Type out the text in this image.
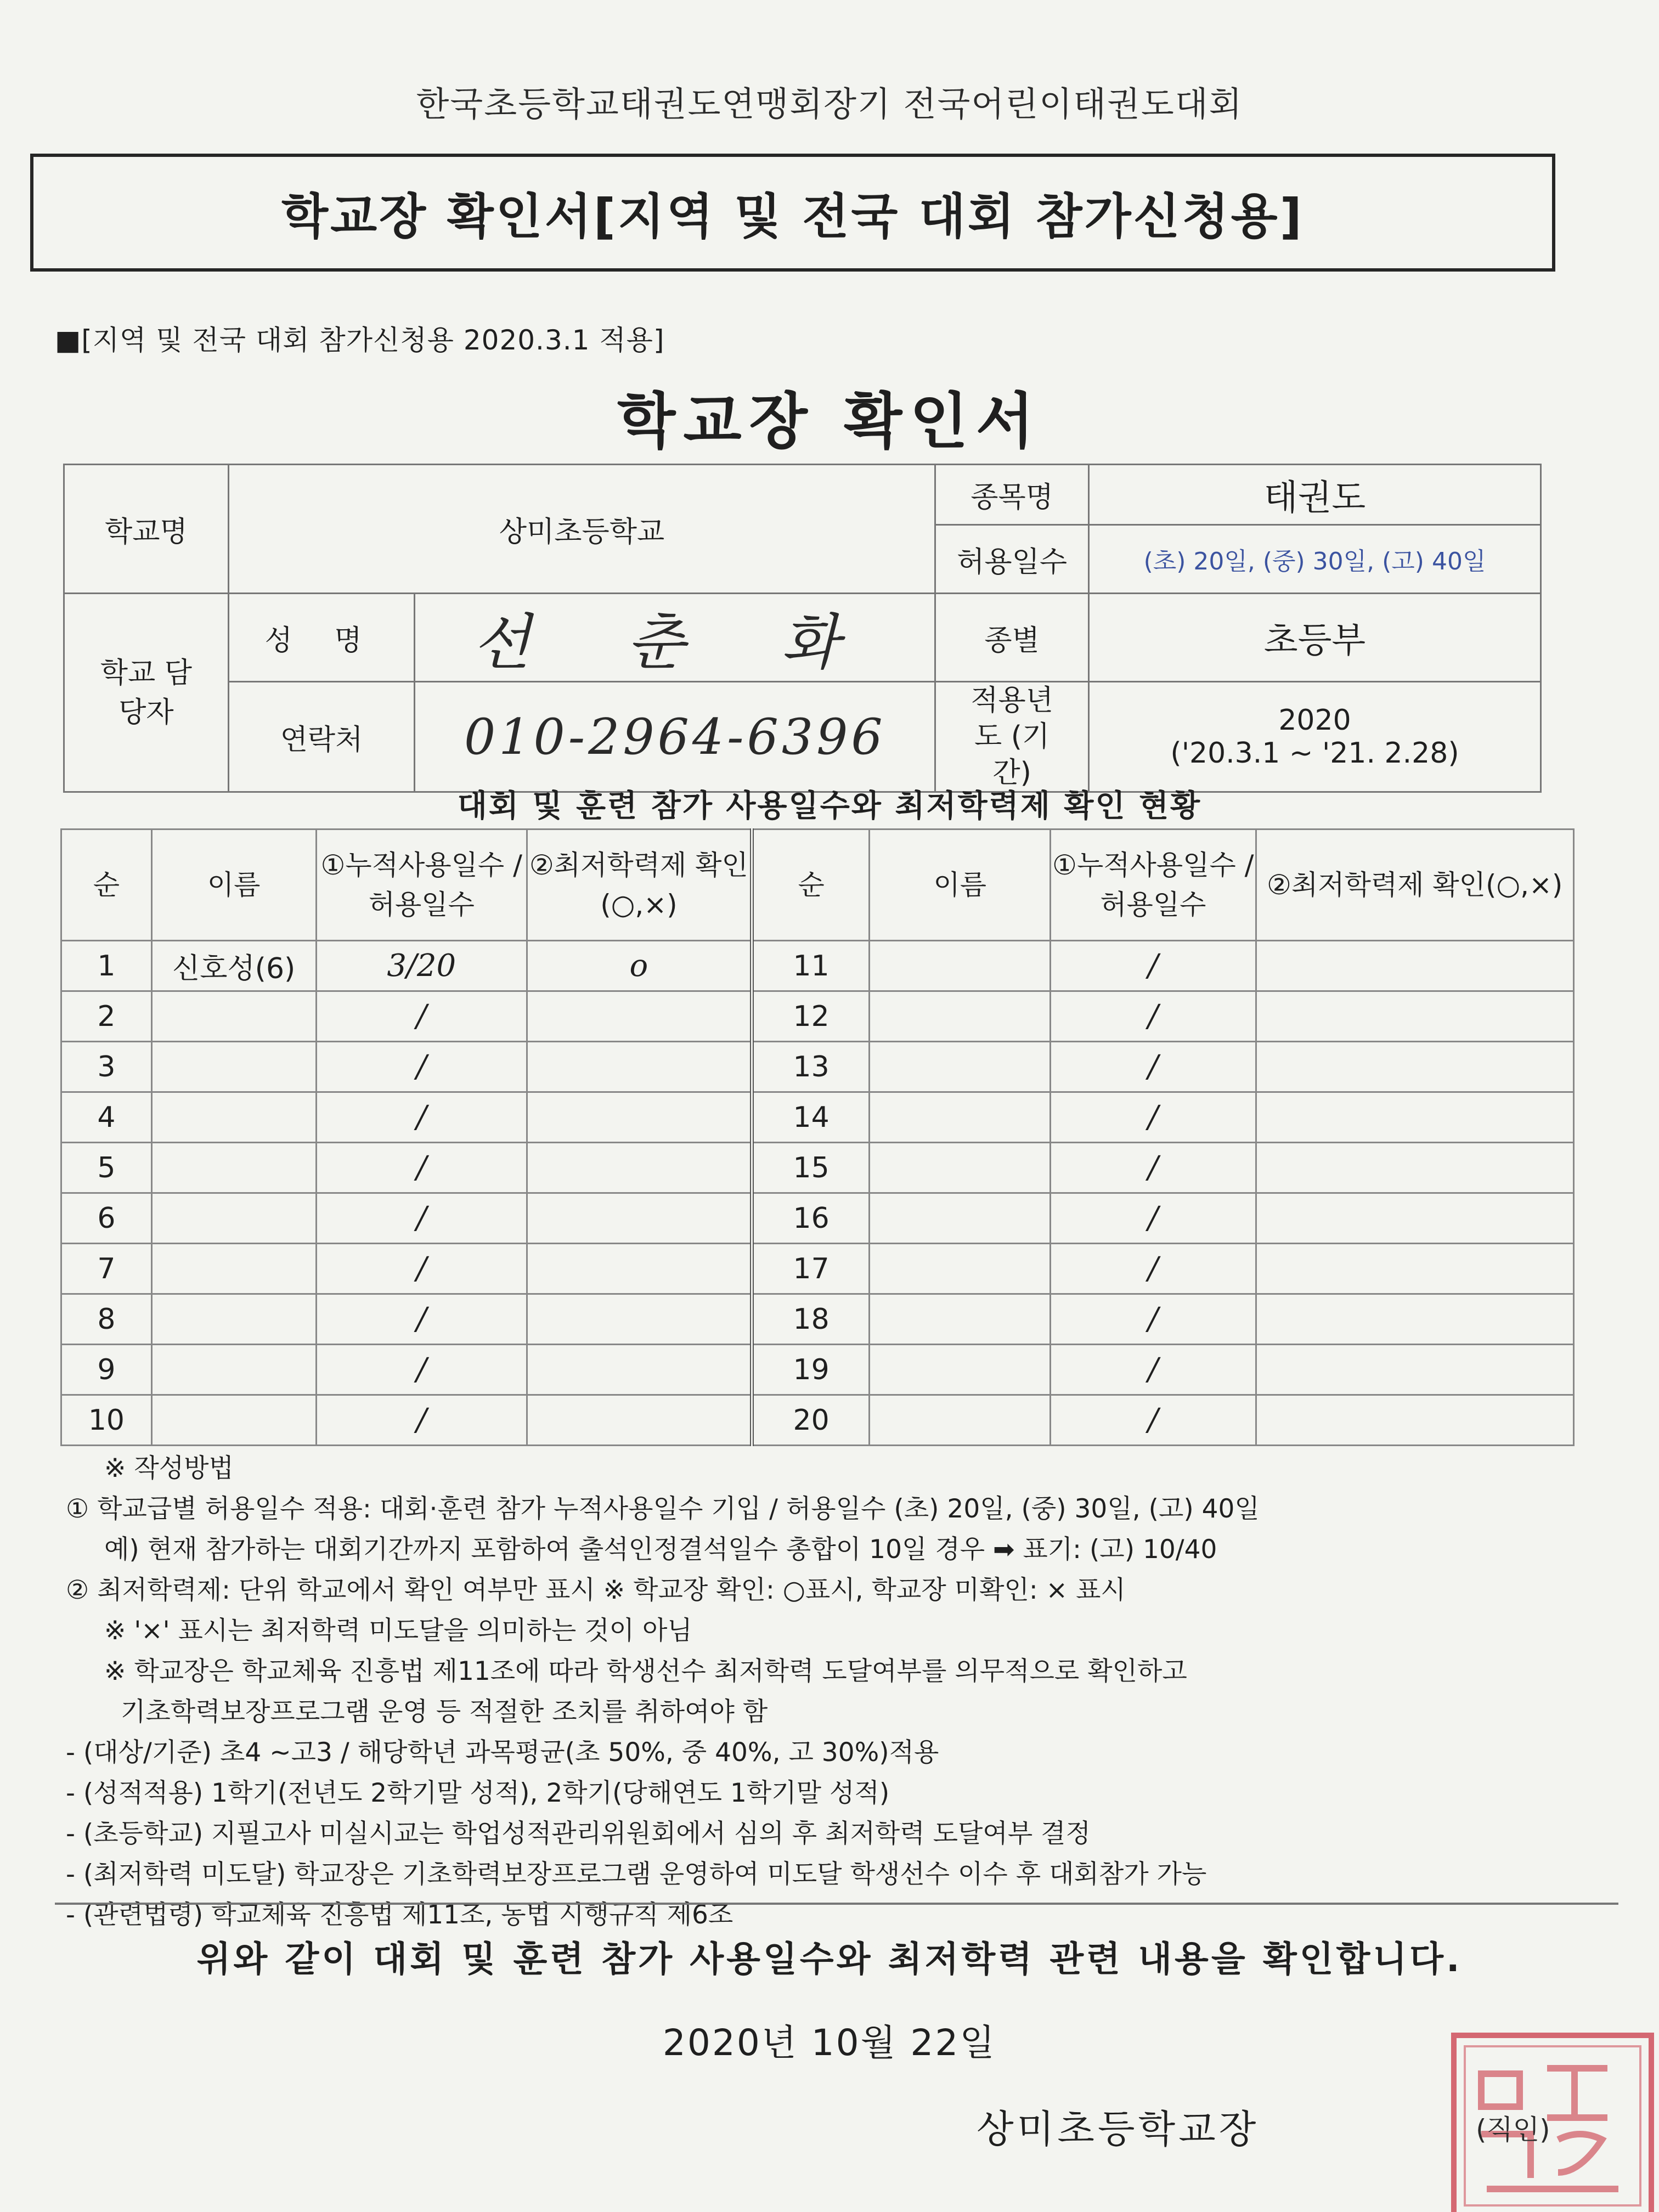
한국초등학교태권도연맹회장기 전국어린이태권도대회
학교장 확인서[지역 및 전국 대회 참가신청용]
■[지역 및 전국 대회 참가신청용 2020.3.1 적용]
학교장 확인서
학교명	상미초등학교		종목명	태권도
			허용일수	(초) 20일, (중) 30일, (고) 40일
학교 담당자	성 명	선 춘 화	종별	초등부
	연락처	010-2964-6396	적용년도 (기간)	2020
('20.3.1 ~ '21. 2.28)
대회 및 훈련 참가 사용일수와 최저학력제 확인 현황
순	이름	①누적사용일수 /허용일수	②최저학력제 확인(○,×)	순	이름	①누적사용일수 /허용일수	②최저학력제 확인(○,×)
1	신호성(6)	3/20	o	11		/	
2		/		12		/	
3		/		13		/	
4		/		14		/	
5		/		15		/	
6		/		16		/	
7		/		17		/	
8		/		18		/	
9		/		19		/	
10		/		20		/	
※ 작성방법
① 학교급별 허용일수 적용: 대회·훈련 참가 누적사용일수 기입 / 허용일수 (초) 20일, (중) 30일, (고) 40일
예) 현재 참가하는 대회기간까지 포함하여 출석인정결석일수 총합이 10일 경우 ➡ 표기: (고) 10/40
② 최저학력제: 단위 학교에서 확인 여부만 표시 ※ 학교장 확인: ○표시, 학교장 미확인: × 표시
※ '×' 표시는 최저학력 미도달을 의미하는 것이 아님
※ 학교장은 학교체육 진흥법 제11조에 따라 학생선수 최저학력 도달여부를 의무적으로 확인하고
기초학력보장프로그램 운영 등 적절한 조치를 취하여야 함
- (대상/기준) 초4 ~고3 / 해당학년 과목평균(초 50%, 중 40%, 고 30%)적용
- (성적적용) 1학기(전년도 2학기말 성적), 2학기(당해연도 1학기말 성적)
- (초등학교) 지필고사 미실시교는 학업성적관리위원회에서 심의 후 최저학력 도달여부 결정
- (최저학력 미도달) 학교장은 기초학력보장프로그램 운영하여 미도달 학생선수 이수 후 대회참가 가능
- (관련법령) 학교체육 진흥법 제11조, 동법 시행규칙 제6조
위와 같이 대회 및 훈련 참가 사용일수와 최저학력 관련 내용을 확인합니다.
2020년 10월 22일
상미초등학교장	(직인)
